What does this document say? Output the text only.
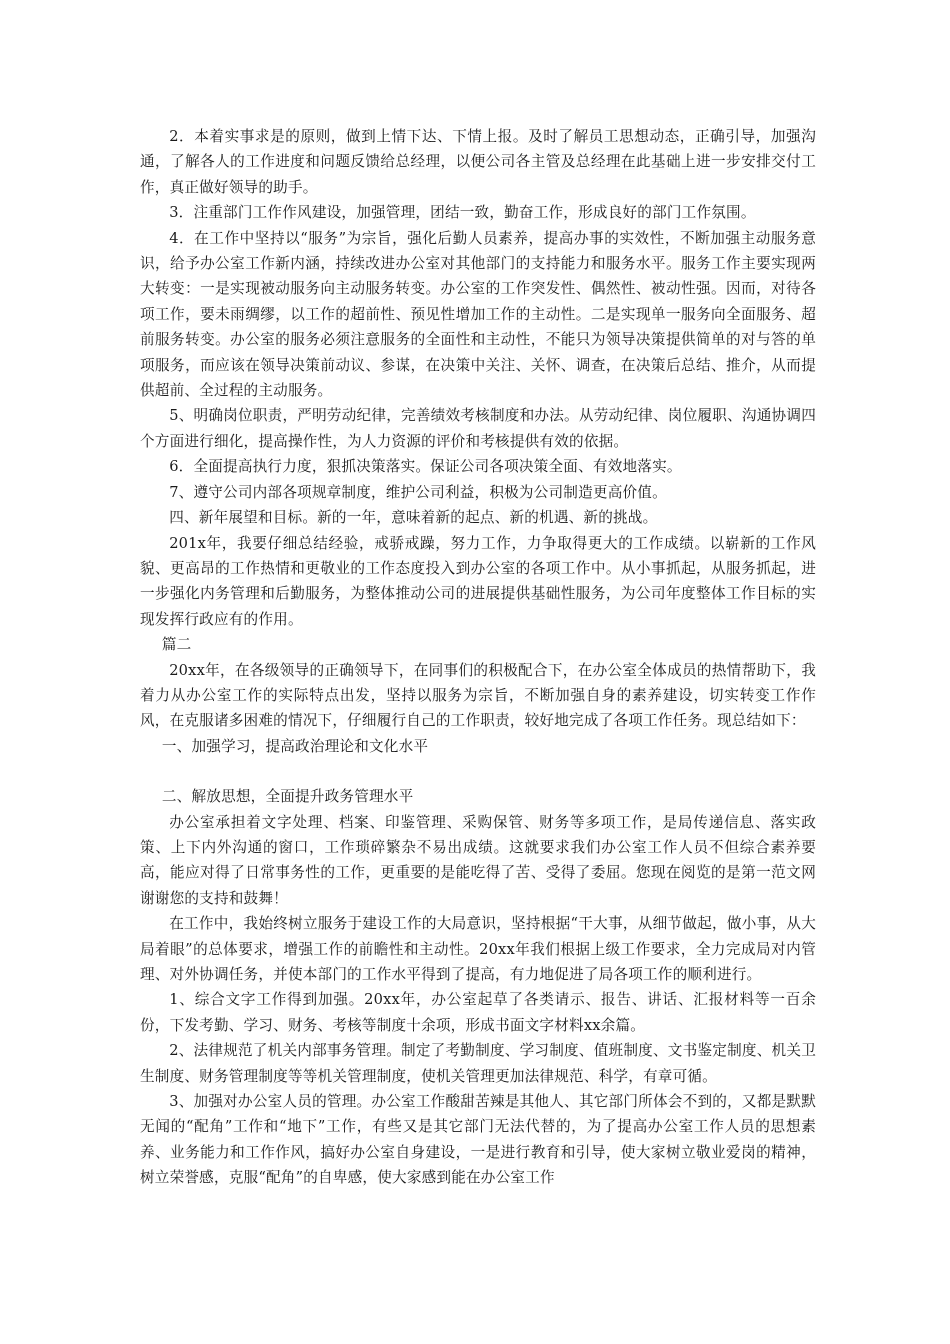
2．本着实事求是的原则，做到上情下达、下情上报。及时了解员工思想动态，正确引导，加强沟通，了解各人的工作进度和问题反馈给总经理，以便公司各主管及总经理在此基础上进一步安排交付工作，真正做好领导的助手。

3．注重部门工作作风建设，加强管理，团结一致，勤奋工作，形成良好的部门工作氛围。

4．在工作中坚持以“服务”为宗旨，强化后勤人员素养，提高办事的实效性，不断加强主动服务意识，给予办公室工作新内涵，持续改进办公室对其他部门的支持能力和服务水平。服务工作主要实现两大转变：一是实现被动服务向主动服务转变。办公室的工作突发性、偶然性、被动性强。因而，对待各项工作，要未雨绸缪，以工作的超前性、预见性增加工作的主动性。二是实现单一服务向全面服务、超前服务转变。办公室的服务必须注意服务的全面性和主动性，不能只为领导决策提供简单的对与答的单项服务，而应该在领导决策前动议、参谋，在决策中关注、关怀、调查，在决策后总结、推介，从而提供超前、全过程的主动服务。

5、明确岗位职责，严明劳动纪律，完善绩效考核制度和办法。从劳动纪律、岗位履职、沟通协调四个方面进行细化，提高操作性，为人力资源的评价和考核提供有效的依据。

6．全面提高执行力度，狠抓决策落实。保证公司各项决策全面、有效地落实。

7、遵守公司内部各项规章制度，维护公司利益，积极为公司制造更高价值。

四、新年展望和目标。新的一年，意味着新的起点、新的机遇、新的挑战。

201x年，我要仔细总结经验，戒骄戒躁，努力工作，力争取得更大的工作成绩。以崭新的工作风貌、更高昂的工作热情和更敬业的工作态度投入到办公室的各项工作中。从小事抓起，从服务抓起，进一步强化内务管理和后勤服务，为整体推动公司的进展提供基础性服务，为公司年度整体工作目标的实现发挥行政应有的作用。

篇二

20xx年，在各级领导的正确领导下，在同事们的积极配合下，在办公室全体成员的热情帮助下，我着力从办公室工作的实际特点出发，坚持以服务为宗旨，不断加强自身的素养建设，切实转变工作作风，在克服诸多困难的情况下，仔细履行自己的工作职责，较好地完成了各项工作任务。现总结如下：

一、加强学习，提高政治理论和文化水平

二、解放思想，全面提升政务管理水平

办公室承担着文字处理、档案、印鉴管理、采购保管、财务等多项工作，是局传递信息、落实政策、上下内外沟通的窗口，工作琐碎繁杂不易出成绩。这就要求我们办公室工作人员不但综合素养要高，能应对得了日常事务性的工作，更重要的是能吃得了苦、受得了委屈。您现在阅览的是第一范文网谢谢您的支持和鼓舞！

在工作中，我始终树立服务于建设工作的大局意识，坚持根据“干大事，从细节做起，做小事，从大局着眼”的总体要求，增强工作的前瞻性和主动性。20xx年我们根据上级工作要求，全力完成局对内管理、对外协调任务，并使本部门的工作水平得到了提高，有力地促进了局各项工作的顺利进行。

1、综合文字工作得到加强。20xx年，办公室起草了各类请示、报告、讲话、汇报材料等一百余份，下发考勤、学习、财务、考核等制度十余项，形成书面文字材料xx余篇。

2、法律规范了机关内部事务管理。制定了考勤制度、学习制度、值班制度、文书鉴定制度、机关卫生制度、财务管理制度等等机关管理制度，使机关管理更加法律规范、科学，有章可循。

3、加强对办公室人员的管理。办公室工作酸甜苦辣是其他人、其它部门所体会不到的，又都是默默无闻的“配角”工作和“地下”工作，有些又是其它部门无法代替的，为了提高办公室工作人员的思想素养、业务能力和工作作风，搞好办公室自身建设，一是进行教育和引导，使大家树立敬业爱岗的精神，树立荣誉感，克服“配角”的自卑感，使大家感到能在办公室工作
